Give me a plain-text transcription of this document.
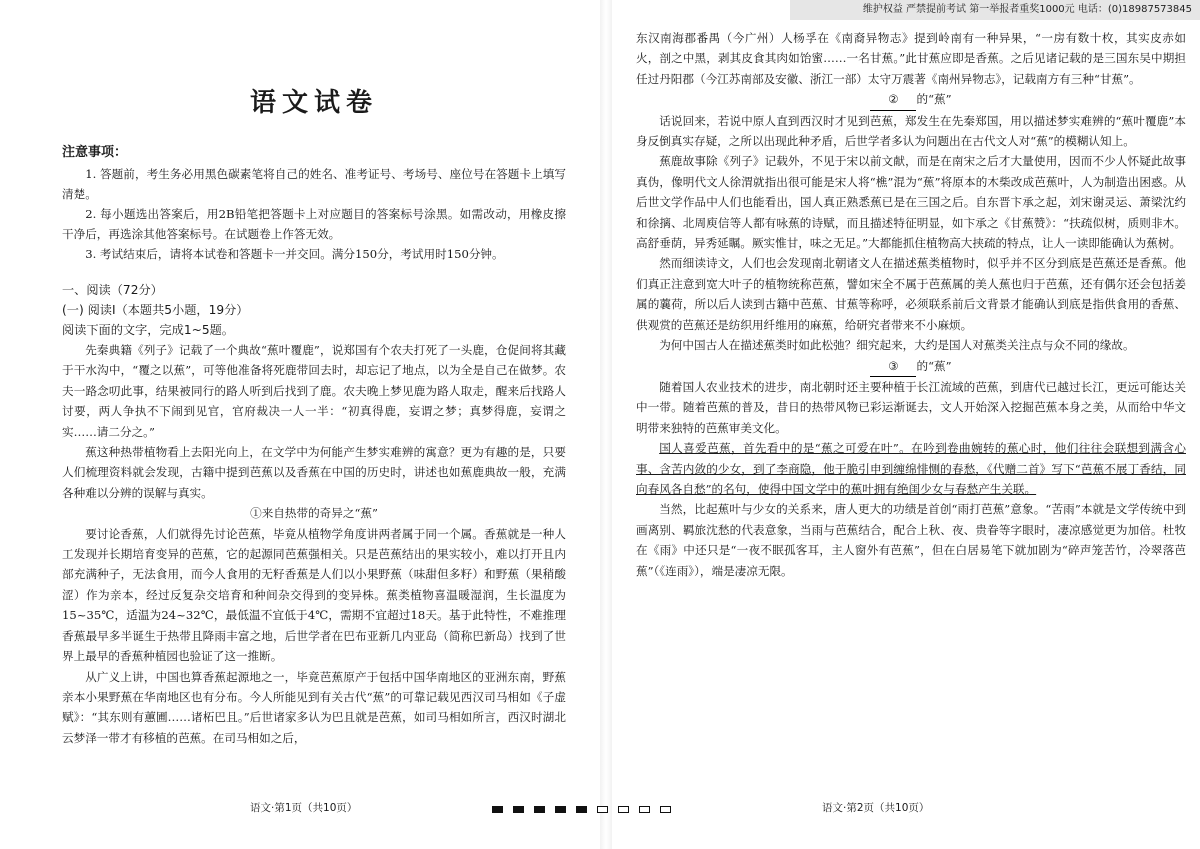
维护权益 严禁提前考试 第一举报者重奖1000元 电话：(0)18987573845
语文试卷
注意事项：

1. 答题前，考生务必用黑色碳素笔将自己的姓名、准考证号、考场号、座位号在答题卡上填写清楚。

2. 每小题选出答案后，用2B铅笔把答题卡上对应题目的答案标号涂黑。如需改动，用橡皮擦干净后，再选涂其他答案标号。在试题卷上作答无效。

3. 考试结束后，请将本试卷和答题卡一并交回。满分150分，考试用时150分钟。

一、阅读（72分）

(一) 阅读Ⅰ（本题共5小题，19分）

阅读下面的文字，完成1~5题。

先秦典籍《列子》记载了一个典故“蕉叶覆鹿”，说郑国有个农夫打死了一头鹿，仓促间将其藏于干水沟中，“覆之以蕉”，可等他准备将死鹿带回去时，却忘记了地点，以为全是自己在做梦。农夫一路念叨此事，结果被同行的路人听到后找到了鹿。农夫晚上梦见鹿为路人取走，醒来后找路人讨要，两人争执不下闹到见官，官府裁决一人一半：“初真得鹿，妄谓之梦；真梦得鹿，妄谓之实……请二分之。”

蕉这种热带植物看上去阳光向上，在文学中为何能产生梦实难辨的寓意？更为有趣的是，只要人们梳理资料就会发现，古籍中提到芭蕉以及香蕉在中国的历史时，讲述也如蕉鹿典故一般，充满各种难以分辨的误解与真实。

①来自热带的奇异之“蕉”

要讨论香蕉，人们就得先讨论芭蕉，毕竟从植物学角度讲两者属于同一个属。香蕉就是一种人工发现并长期培育变异的芭蕉，它的起源同芭蕉强相关。只是芭蕉结出的果实较小，难以打开且内部充满种子，无法食用，而今人食用的无籽香蕉是人们以小果野蕉（味甜但多籽）和野蕉（果稍酸涩）作为亲本，经过反复杂交培育和种间杂交得到的变异株。蕉类植物喜温暖湿润，生长温度为15~35℃，适温为24~32℃，最低温不宜低于4℃，需期不宜超过18天。基于此特性，不难推理香蕉最早多半诞生于热带且降雨丰富之地，后世学者在巴布亚新几内亚岛（简称巴新岛）找到了世界上最早的香蕉种植园也验证了这一推断。

从广义上讲，中国也算香蕉起源地之一，毕竟芭蕉原产于包括中国华南地区的亚洲东南，野蕉亲本小果野蕉在华南地区也有分布。今人所能见到有关古代“蕉”的可靠记载见西汉司马相如《子虚赋》：“其东则有蕙圃……诸柘巴且。”后世诸家多认为巴且就是芭蕉，如司马相如所言，西汉时湖北云梦泽一带才有移植的芭蕉。在司马相如之后，

语文·第1页（共10页）

东汉南海郡番禺（今广州）人杨孚在《南裔异物志》提到岭南有一种异果，“一房有数十枚，其实皮赤如火，剖之中黑，剥其皮食其肉如饴蜜……一名甘蕉。”此甘蕉应即是香蕉。之后见诸记载的是三国东吴中期担任过丹阳郡（今江苏南部及安徽、浙江一部）太守万震著《南州异物志》，记载南方有三种“甘蕉”。

② 的“蕉”

话说回来，若说中原人直到西汉时才见到芭蕉，郑发生在先秦郑国，用以描述梦实难辨的“蕉叶覆鹿”本身反倒真实存疑，之所以出现此种矛盾，后世学者多认为问题出在古代文人对“蕉”的模糊认知上。

蕉鹿故事除《列子》记载外，不见于宋以前文献，而是在南宋之后才大量使用，因而不少人怀疑此故事真伪，像明代文人徐渭就指出很可能是宋人将“樵”混为“蕉”将原本的木柴改成芭蕉叶，人为制造出困惑。从后世文学作品中人们也能看出，国人真正熟悉蕉已是在三国之后。自东晋卞承之起，刘宋谢灵运、萧梁沈约和徐摛、北周庾信等人都有咏蕉的诗赋，而且描述特征明显，如卞承之《甘蕉赞》：“扶疏似树，质则非木。高舒垂荫，异秀延瞩。厥实惟甘，味之无足。”大都能抓住植物高大挟疏的特点，让人一读即能确认为蕉树。

然而细读诗文，人们也会发现南北朝诸文人在描述蕉类植物时，似乎并不区分到底是芭蕉还是香蕉。他们真正注意到宽大叶子的植物统称芭蕉，譬如宋全不属于芭蕉属的美人蕉也归于芭蕉，还有偶尔还会包括姜属的蘘荷，所以后人读到古籍中芭蕉、甘蕉等称呼，必须联系前后文背景才能确认到底是指供食用的香蕉、供观赏的芭蕉还是纺织用纤维用的麻蕉，给研究者带来不小麻烦。

为何中国古人在描述蕉类时如此松弛？细究起来，大约是国人对蕉类关注点与众不同的缘故。

③ 的“蕉”

随着国人农业技术的进步，南北朝时还主要种植于长江流域的芭蕉，到唐代已越过长江，更远可能达关中一带。随着芭蕉的普及，昔日的热带风物已彩运渐诞去，文人开始深入挖掘芭蕉本身之美，从而给中华文明带来独特的芭蕉审美文化。

国人喜爱芭蕉，首先看中的是“蕉之可爱在叶”。在吟到卷曲婉转的蕉心时，他们往往会联想到满含心事、含苦内敛的少女，到了李商隐，他于脆引申到缠绵悱恻的春愁，《代赠二首》写下“芭蕉不展丁香结，同向春风各自愁”的名句，使得中国文学中的蕉叶拥有绝闺少女与春愁产生关联。

当然，比起蕉叶与少女的关系来，唐人更大的功绩是首创“雨打芭蕉”意象。“苦雨”本就是文学传统中到画离别、羁旅沈愁的代表意象，当雨与芭蕉结合，配合上秋、夜、贵眷等字眼时，凄凉感觉更为加倍。杜牧在《雨》中还只是“一夜不眠孤客耳，主人窗外有芭蕉”，但在白居易笔下就加剧为“碎声笼苦竹，冷翠落芭蕉”（《连雨》），端是凄凉无限。

语文·第2页（共10页）
